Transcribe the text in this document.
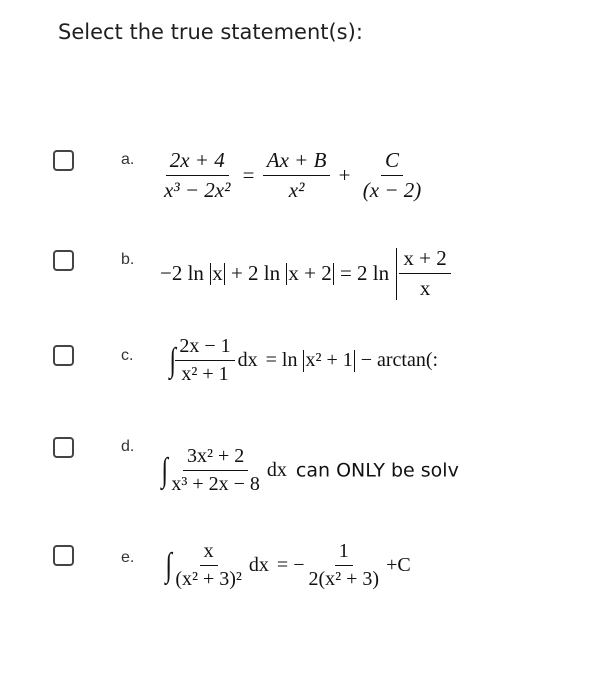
Select the true statement(s):
a. $\frac{2x + 4}{\text{x³ − 2x²}} = \frac{Ax + B}{\text{x²}} + \frac{C}{(x - 2)}$
b.
−2 ln x + 2 ln x + 2 = 2 $\ln \frac{x + 2}{x}$
c. ∫ $\frac{2x - 1}{\text{x² + 1}}$ dx = ln x² + 1 − arctan(:
d.
∫ $\frac{\text{3x² + 2}}{\text{x³ + 2x − 8}}$ dx can ONLY be solv
e. ∫ $\frac{x}{\text{(x² + 3)²}}$ dx = − $\frac{1}{\text{2(x² + 3)}} +C$
